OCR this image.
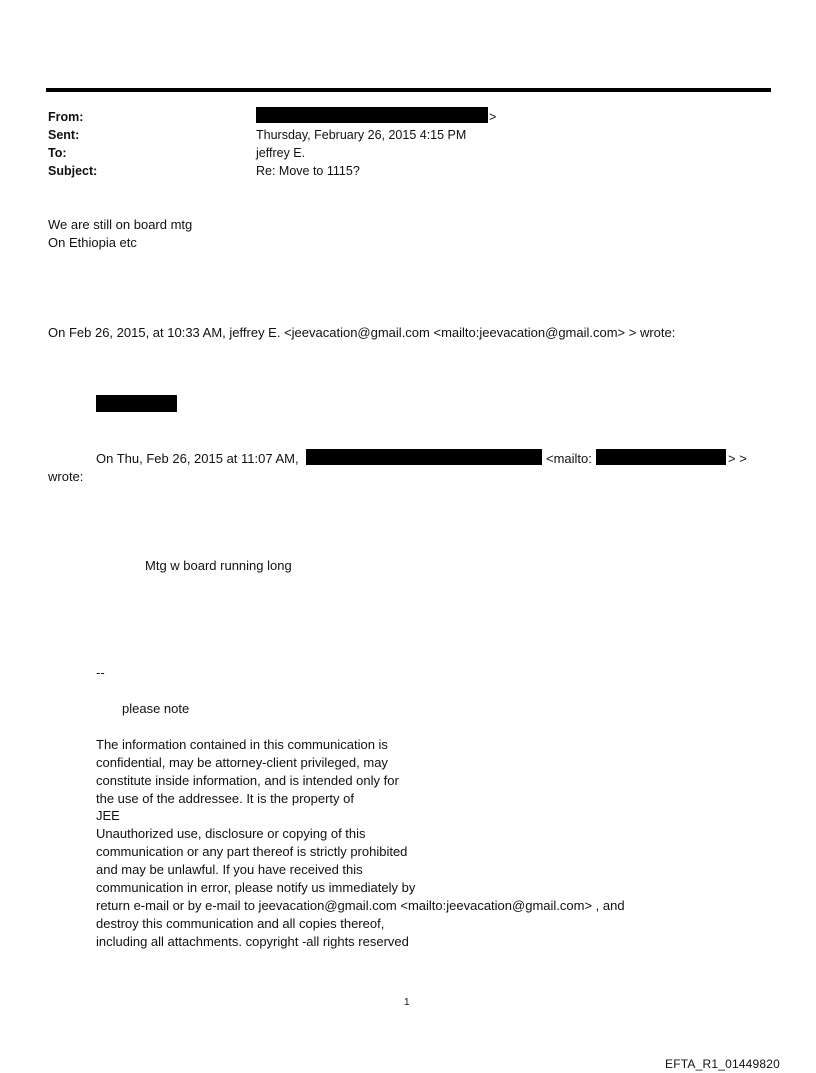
From:	>
Sent:	Thursday, February 26, 2015 4:15 PM
To:	jeffrey E.
Subject:	Re: Move to 1115?
We are still on board mtg
On Ethiopia etc
On Feb 26, 2015, at 10:33 AM, jeffrey E. <jeevacation@gmail.com <mailto:jeevacation@gmail.com> > wrote:
On Thu, Feb 26, 2015 at 11:07 AM,	<mailto:	> >
wrote:
Mtg w board running long
--
please note
The information contained in this communication is
confidential, may be attorney-client privileged, may
constitute inside information, and is intended only for
the use of the addressee. It is the property of
JEE
Unauthorized use, disclosure or copying of this
communication or any part thereof is strictly prohibited
and may be unlawful. If you have received this
communication in error, please notify us immediately by
return e-mail or by e-mail to jeevacation@gmail.com <mailto:jeevacation@gmail.com> , and
destroy this communication and all copies thereof,
including all attachments. copyright -all rights reserved
1
EFTA_R1_01449820
